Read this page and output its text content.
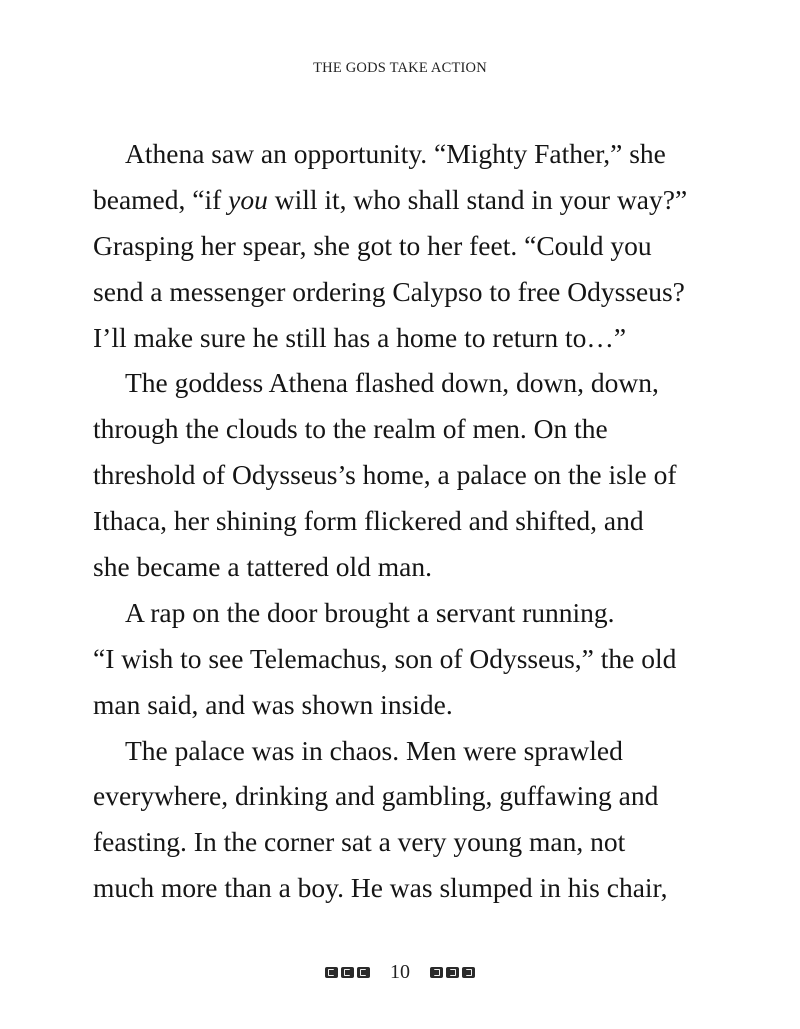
THE GODS TAKE ACTION
Athena saw an opportunity. “Mighty Father,” she
beamed, “if you will it, who shall stand in your way?”
Grasping her spear, she got to her feet. “Could you
send a messenger ordering Calypso to free Odysseus?
I’ll make sure he still has a home to return to…”
The goddess Athena flashed down, down, down,
through the clouds to the realm of men. On the
threshold of Odysseus’s home, a palace on the isle of
Ithaca, her shining form flickered and shifted, and
she became a tattered old man.
A rap on the door brought a servant running.
“I wish to see Telemachus, son of Odysseus,” the old
man said, and was shown inside.
The palace was in chaos. Men were sprawled
everywhere, drinking and gambling, guffawing and
feasting. In the corner sat a very young man, not
much more than a boy. He was slumped in his chair,
10
